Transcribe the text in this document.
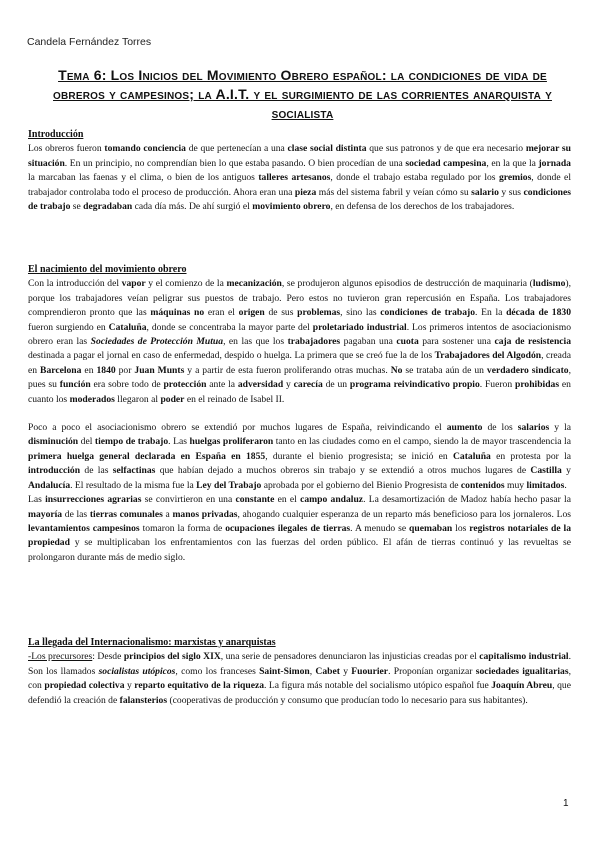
Candela Fernández Torres
Tema 6: Los Inicios del Movimiento Obrero español: la condiciones de vida de obreros y campesinos; la A.I.T. y el surgimiento de las corrientes anarquista y socialista
Introducción

Los obreros fueron tomando conciencia de que pertenecían a una clase social distinta que sus patronos y de que era necesario mejorar su situación. En un principio, no comprendían bien lo que estaba pasando. O bien procedían de una sociedad campesina, en la que la jornada la marcaban las faenas y el clima, o bien de los antiguos talleres artesanos, donde el trabajo estaba regulado por los gremios, donde el trabajador controlaba todo el proceso de producción. Ahora eran una pieza más del sistema fabril y veían cómo su salario y sus condiciones de trabajo se degradaban cada día más. De ahí surgió el movimiento obrero, en defensa de los derechos de los trabajadores.

El nacimiento del movimiento obrero

Con la introducción del vapor y el comienzo de la mecanización, se produjeron algunos episodios de destrucción de maquinaria (ludismo), porque los trabajadores veían peligrar sus puestos de trabajo. Pero estos no tuvieron gran repercusión en España. Los trabajadores comprendieron pronto que las máquinas no eran el origen de sus problemas, sino las condiciones de trabajo. En la década de 1830 fueron surgiendo en Cataluña, donde se concentraba la mayor parte del proletariado industrial. Los primeros intentos de asociacionismo obrero eran las Sociedades de Protección Mutua, en las que los trabajadores pagaban una cuota para sostener una caja de resistencia destinada a pagar el jornal en caso de enfermedad, despido o huelga. La primera que se creó fue la de los Trabajadores del Algodón, creada en Barcelona en 1840 por Juan Munts y a partir de esta fueron proliferando otras muchas. No se trataba aún de un verdadero sindicato, pues su función era sobre todo de protección ante la adversidad y carecía de un programa reivindicativo propio. Fueron prohibidas en cuanto los moderados llegaron al poder en el reinado de Isabel II.

Poco a poco el asociacionismo obrero se extendió por muchos lugares de España, reivindicando el aumento de los salarios y la disminución del tiempo de trabajo. Las huelgas proliferaron tanto en las ciudades como en el campo, siendo la de mayor trascendencia la primera huelga general declarada en España en 1855, durante el bienio progresista; se inició en Cataluña en protesta por la introducción de las selfactinas que habían dejado a muchos obreros sin trabajo y se extendió a otros muchos lugares de Castilla y Andalucía. El resultado de la misma fue la Ley del Trabajo aprobada por el gobierno del Bienio Progresista de contenidos muy limitados.

Las insurrecciones agrarias se convirtieron en una constante en el campo andaluz. La desamortización de Madoz había hecho pasar la mayoría de las tierras comunales a manos privadas, ahogando cualquier esperanza de un reparto más beneficioso para los jornaleros. Los levantamientos campesinos tomaron la forma de ocupaciones ilegales de tierras. A menudo se quemaban los registros notariales de la propiedad y se multiplicaban los enfrentamientos con las fuerzas del orden público. El afán de tierras continuó y las revueltas se prolongaron durante más de medio siglo.

La llegada del Internacionalismo: marxistas y anarquistas

-Los precursores: Desde principios del siglo XIX, una serie de pensadores denunciaron las injusticias creadas por el capitalismo industrial. Son los llamados socialistas utópicos, como los franceses Saint-Simon, Cabet y Fuourier. Proponían organizar sociedades igualitarias, con propiedad colectiva y reparto equitativo de la riqueza. La figura más notable del socialismo utópico español fue Joaquín Abreu, que defendió la creación de falansterios (cooperativas de producción y consumo que producían todo lo necesario para sus habitantes).

1
